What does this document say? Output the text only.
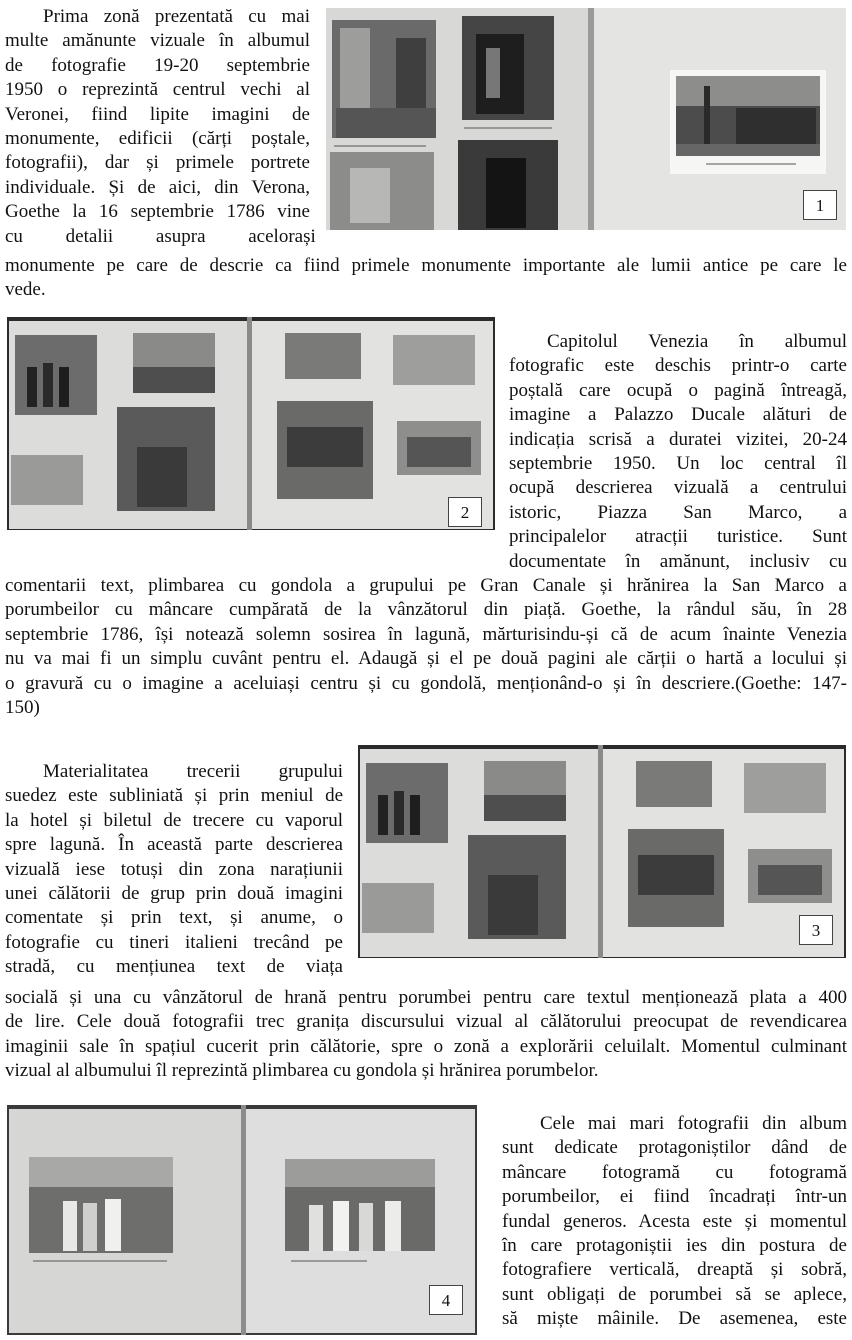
1
Prima zonă prezentată cu mai
multe amănunte vizuale în albumul
de fotografie 19-20 septembrie
1950 o reprezintă centrul vechi al
Veronei, fiind lipite imagini de
monumente, edificii (cărți poștale,
fotografii), dar și primele portrete
individuale. Și de aici, din Verona,
Goethe la 16 septembrie 1786 vine
cu detalii asupra acelorași
monumente pe care de descrie ca fiind primele monumente importante ale lumii antice pe care le
vede.
2
Capitolul Venezia în albumul
fotografic este deschis printr-o carte
poștală care ocupă o pagină întreagă,
imagine a Palazzo Ducale alături de
indicația scrisă a duratei vizitei, 20-24
septembrie 1950. Un loc central îl
ocupă descrierea vizuală a centrului
istoric, Piazza San Marco, a
principalelor atracții turistice. Sunt
documentate în amănunt, inclusiv cu
comentarii text, plimbarea cu gondola a grupului pe Gran Canale și hrănirea la San Marco a
porumbeilor cu mâncare cumpărată de la vânzătorul din piață. Goethe, la rândul său, în 28
septembrie 1786, își notează solemn sosirea în lagună, mărturisindu-și că de acum înainte Venezia
nu va mai fi un simplu cuvânt pentru el. Adaugă și el pe două pagini ale cărții o hartă a locului și
o gravură cu o imagine a aceluiași centru și cu gondolă, menționând-o și în descriere.(Goethe: 147-
150)
3
Materialitatea trecerii grupului
suedez este subliniată și prin meniul de
la hotel și biletul de trecere cu vaporul
spre lagună. În această parte descrierea
vizuală iese totuși din zona narațiunii
unei călătorii de grup prin două imagini
comentate și prin text, și anume, o
fotografie cu tineri italieni trecând pe
stradă, cu mențiunea text de viața
socială și una cu vânzătorul de hrană pentru porumbei pentru care textul menționează plata a 400
de lire. Cele două fotografii trec granița discursului vizual al călătorului preocupat de revendicarea
imaginii sale în spațiul cucerit prin călătorie, spre o zonă a explorării celuilalt. Momentul culminant
vizual al albumului îl reprezintă plimbarea cu gondola și hrănirea porumbelor.
4
Cele mai mari fotografii din album
sunt dedicate protagoniștilor dând de
mâncare fotogramă cu fotogramă
porumbeilor, ei fiind încadrați într-un
fundal generos. Acesta este și momentul
în care protagoniștii ies din postura de
fotografiere verticală, dreaptă și sobră,
sunt obligați de porumbei să se aplece,
să miște mâinile. De asemenea, este
